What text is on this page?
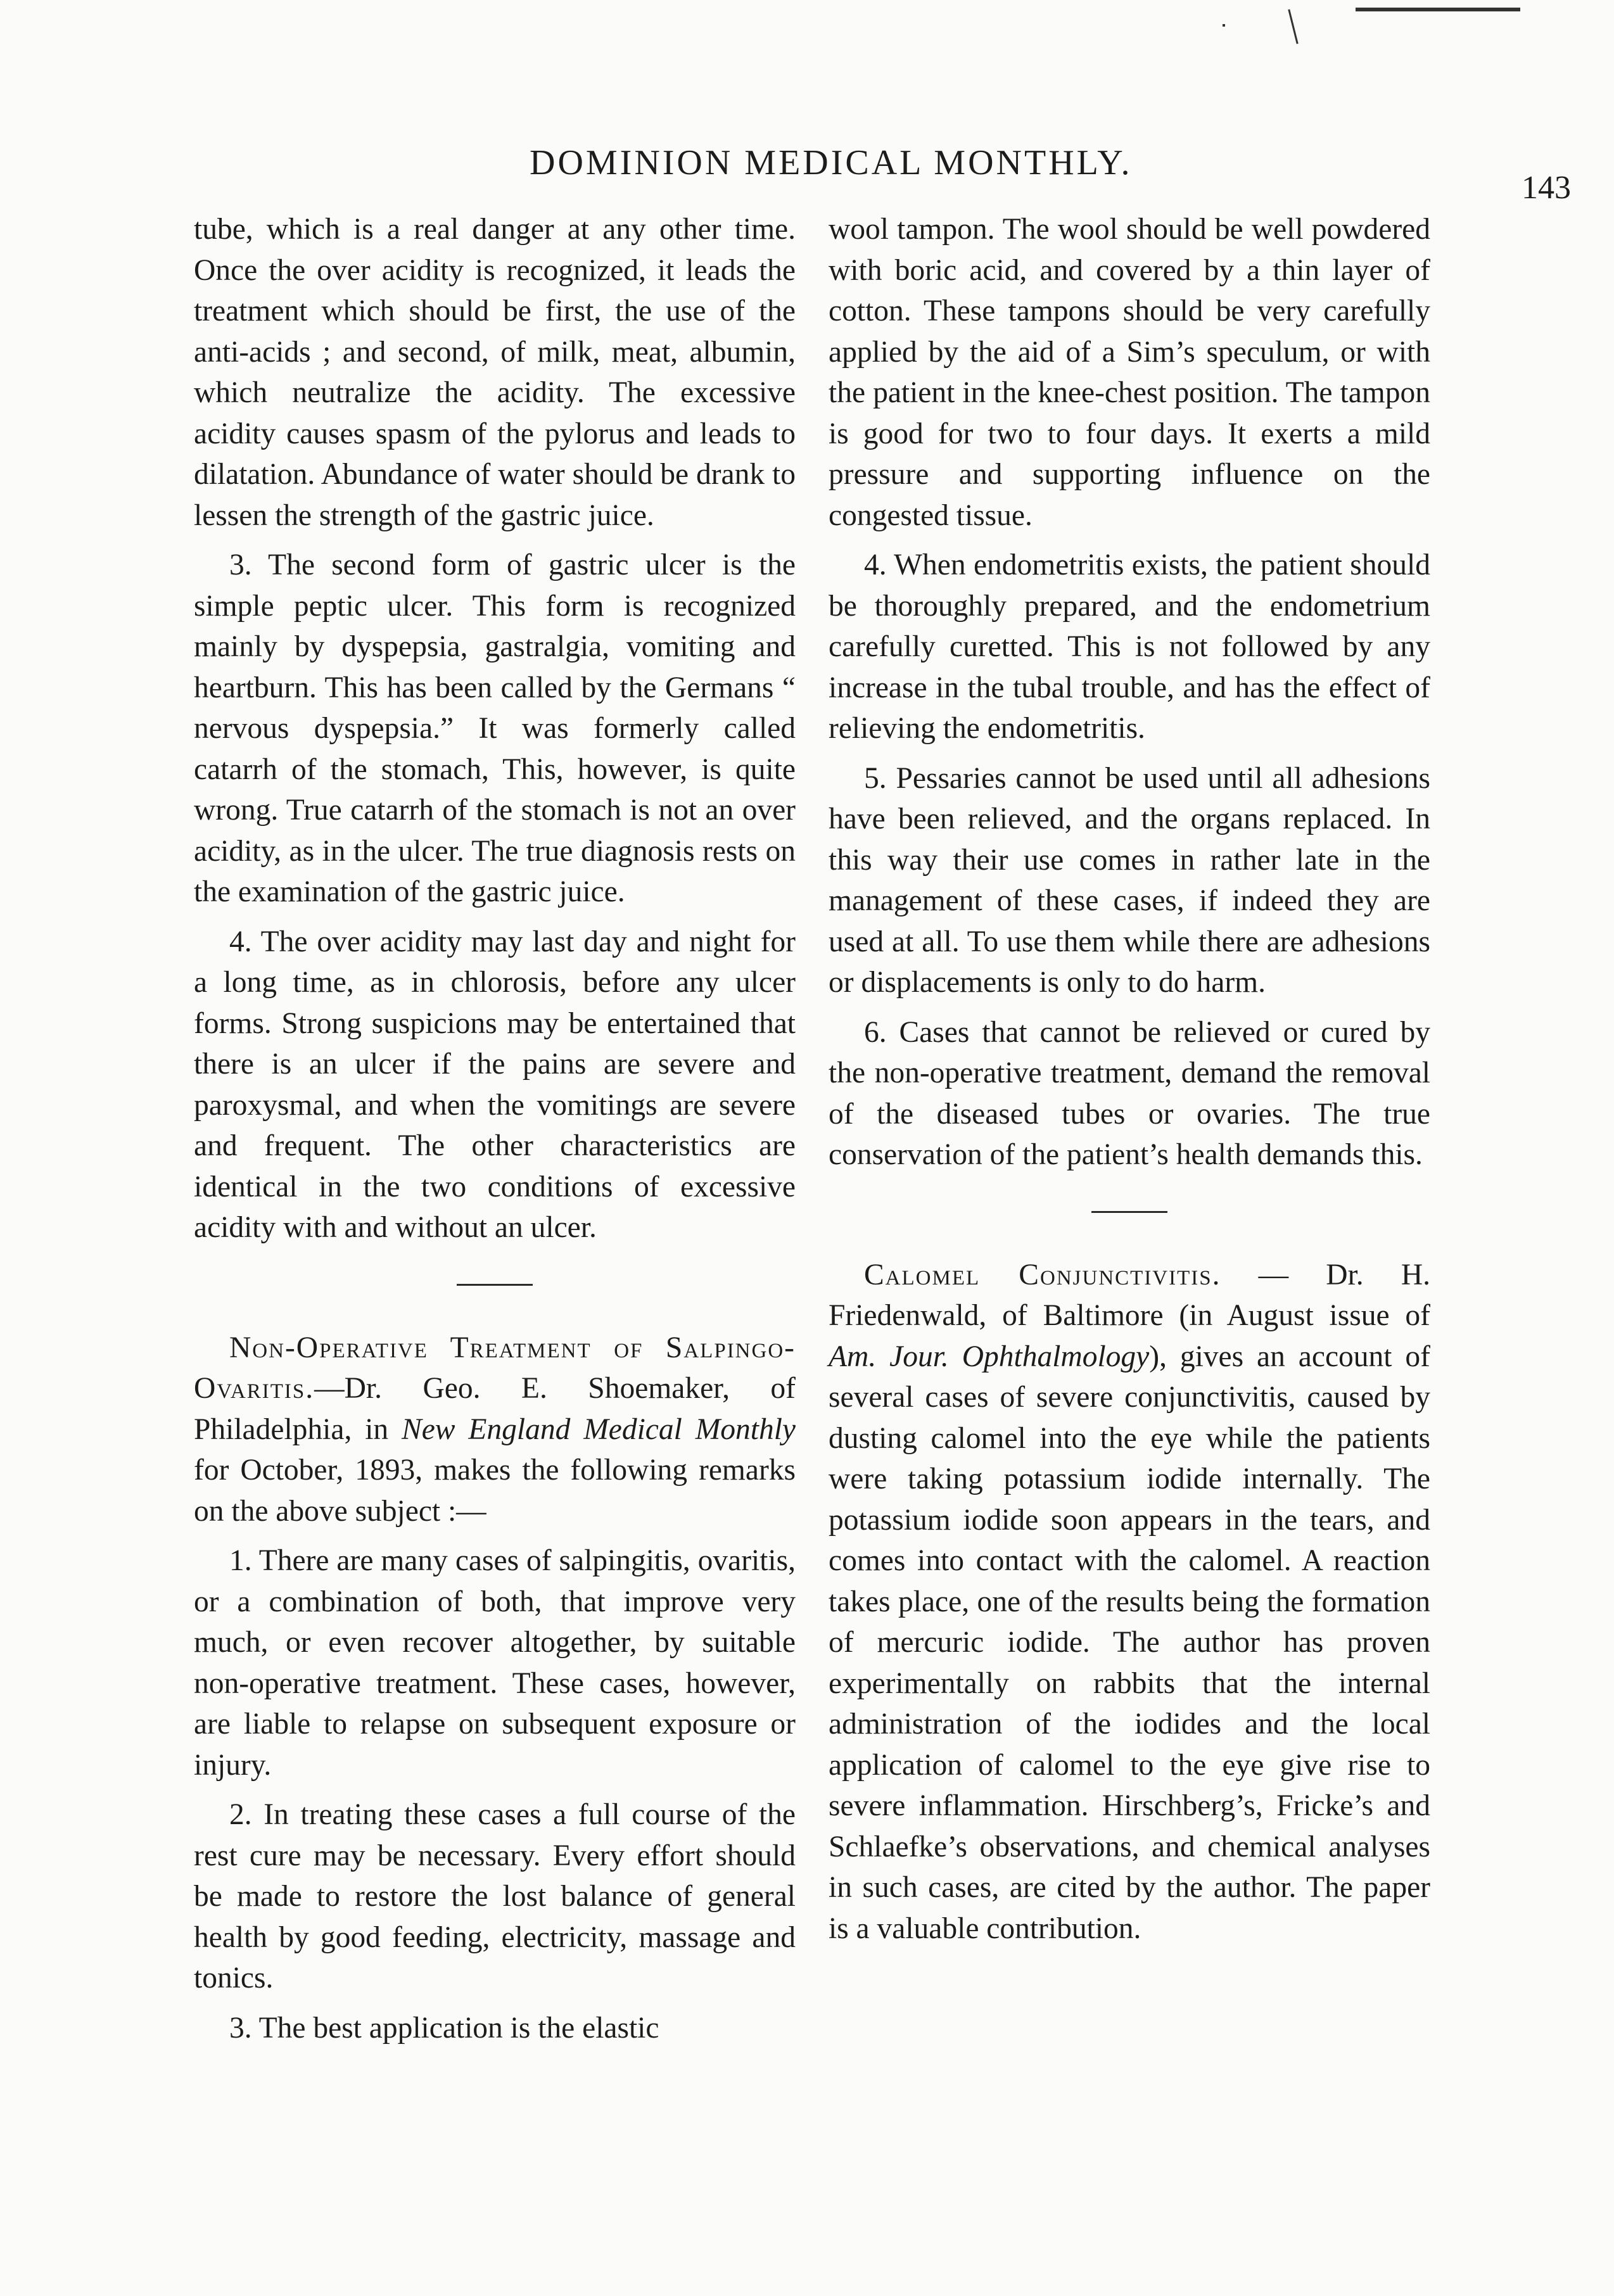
DOMINION MEDICAL MONTHLY.
143

tube, which is a real danger at any other time. Once the over acidity is recognized, it leads the treatment which should be first, the use of the anti-acids ; and second, of milk, meat, albumin, which neutralize the acidity. The excessive acidity causes spasm of the pylorus and leads to dilatation. Abundance of water should be drank to lessen the strength of the gastric juice.

3. The second form of gastric ulcer is the simple peptic ulcer. This form is recognized mainly by dyspepsia, gastralgia, vomiting and heartburn. This has been called by the Germans “ nervous dyspepsia.” It was formerly called catarrh of the stomach, This, however, is quite wrong. True catarrh of the stomach is not an over acidity, as in the ulcer. The true diagnosis rests on the examination of the gastric juice.

4. The over acidity may last day and night for a long time, as in chlorosis, before any ulcer forms. Strong suspicions may be entertained that there is an ulcer if the pains are severe and paroxysmal, and when the vomitings are severe and frequent. The other characteristics are identical in the two conditions of excessive acidity with and without an ulcer.

Non-Operative Treatment of Salpingo-Ovaritis.—Dr. Geo. E. Shoemaker, of Philadelphia, in New England Medical Monthly for October, 1893, makes the following remarks on the above subject :—

1. There are many cases of salpingitis, ovaritis, or a combination of both, that improve very much, or even recover altogether, by suitable non-operative treatment. These cases, however, are liable to relapse on subsequent exposure or injury.

2. In treating these cases a full course of the rest cure may be necessary. Every effort should be made to restore the lost balance of general health by good feeding, electricity, massage and tonics.

3. The best application is the elastic

wool tampon. The wool should be well powdered with boric acid, and covered by a thin layer of cotton. These tampons should be very carefully applied by the aid of a Sim’s speculum, or with the patient in the knee-chest position. The tampon is good for two to four days. It exerts a mild pressure and supporting influence on the congested tissue.

4. When endometritis exists, the patient should be thoroughly prepared, and the endometrium carefully curetted. This is not followed by any increase in the tubal trouble, and has the effect of relieving the endometritis.

5. Pessaries cannot be used until all adhesions have been relieved, and the organs replaced. In this way their use comes in rather late in the management of these cases, if indeed they are used at all. To use them while there are adhesions or displacements is only to do harm.

6. Cases that cannot be relieved or cured by the non-operative treatment, demand the removal of the diseased tubes or ovaries. The true conservation of the patient’s health demands this.

Calomel Conjunctivitis. — Dr. H. Friedenwald, of Baltimore (in August issue of Am. Jour. Ophthalmology), gives an account of several cases of severe conjunctivitis, caused by dusting calomel into the eye while the patients were taking potassium iodide internally. The potassium iodide soon appears in the tears, and comes into contact with the calomel. A reaction takes place, one of the results being the formation of mercuric iodide. The author has proven experimentally on rabbits that the internal administration of the iodides and the local application of calomel to the eye give rise to severe inflammation. Hirschberg’s, Fricke’s and Schlaefke’s observations, and chemical analyses in such cases, are cited by the author. The paper is a valuable contribution.
